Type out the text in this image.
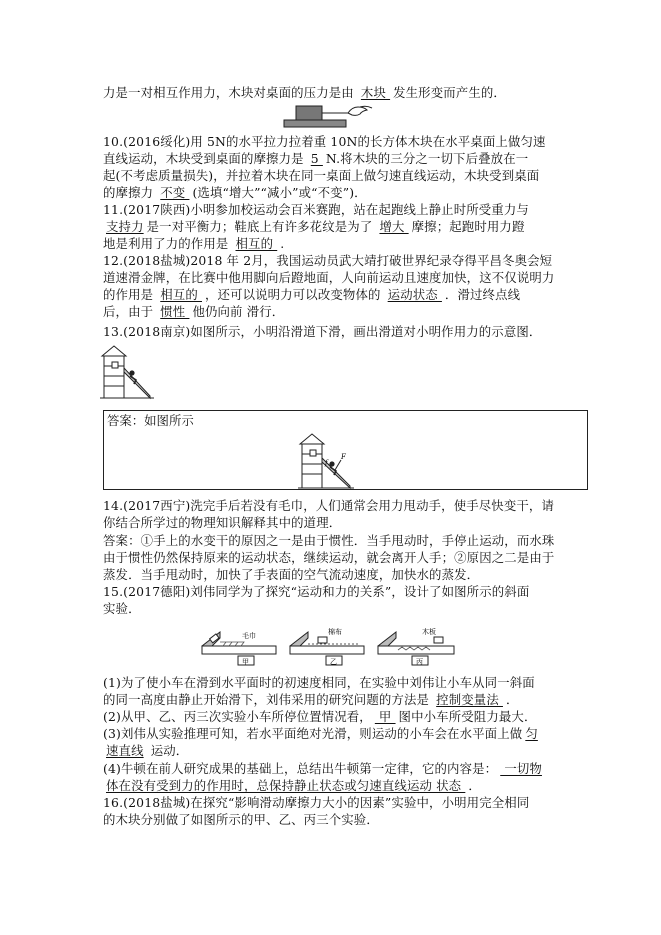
力是一对相互作用力，木块对桌面的压力是由 木块 发生形变而产生的．
10.(2016绥化)用 5N的水平拉力拉着重 10N的长方体木块在水平桌面上做匀速
直线运动，木块受到桌面的摩擦力是 5 N.将木块的三分之一切下后叠放在一
起(不考虑质量损失)，并拉着木块在同一桌面上做匀速直线运动，木块受到桌面
的摩擦力 不变 (选填“增大”“减小”或“不变”)．
11.(2017陕西)小明参加校运动会百米赛跑，站在起跑线上静止时所受重力与
支持力 是一对平衡力；鞋底上有许多花纹是为了 增大 摩擦；起跑时用力蹬
地是利用了力的作用是 相互的 .
12.(2018盐城)2018 年 2月，我国运动员武大靖打破世界纪录夺得平昌冬奥会短
道速滑金牌，在比赛中他用脚向后蹬地面，人向前运动且速度加快，这不仅说明力
的作用是 相互的 ，还可以说明力可以改变物体的 运动状态 ．滑过终点线
后，由于 惯性 他仍向前 滑行．
13.(2018南京)如图所示，小明沿滑道下滑，画出滑道对小明作用力的示意图．
答案：如图所示
f
F
14.(2017西宁)洗完手后若没有毛巾，人们通常会用力甩动手，使手尽快变干，请
你结合所学过的物理知识解释其中的道理．
答案：①手上的水变干的原因之一是由于惯性．当手甩动时，手停止运动，而水珠
由于惯性仍然保持原来的运动状态，继续运动，就会离开人手；②原因之二是由于
蒸发．当手甩动时，加快了手表面的空气流动速度，加快水的蒸发．
15.(2017德阳)刘伟同学为了探究“运动和力的关系”，设计了如图所示的斜面
实验．
毛巾
甲
棉布
乙
木板
丙
(1)为了使小车在滑到水平面时的初速度相同，在实验中刘伟让小车从同一斜面
的同一高度由静止开始滑下，刘伟采用的研究问题的方法是 控制变量法 ．
(2)从甲、乙、丙三次实验小车所停位置情况看， 甲 图中小车所受阻力最大．
(3)刘伟从实验推理可知，若水平面绝对光滑，则运动的小车会在水平面上做 匀
速直线 运动．
(4)牛顿在前人研究成果的基础上，总结出牛顿第一定律，它的内容是： 一切物
体在没有受到力的作用时，总保持静止状态或匀速直线运动 状态 ．
16.(2018盐城)在探究“影响滑动摩擦力大小的因素”实验中，小明用完全相同
的木块分别做了如图所示的甲、乙、丙三个实验．
